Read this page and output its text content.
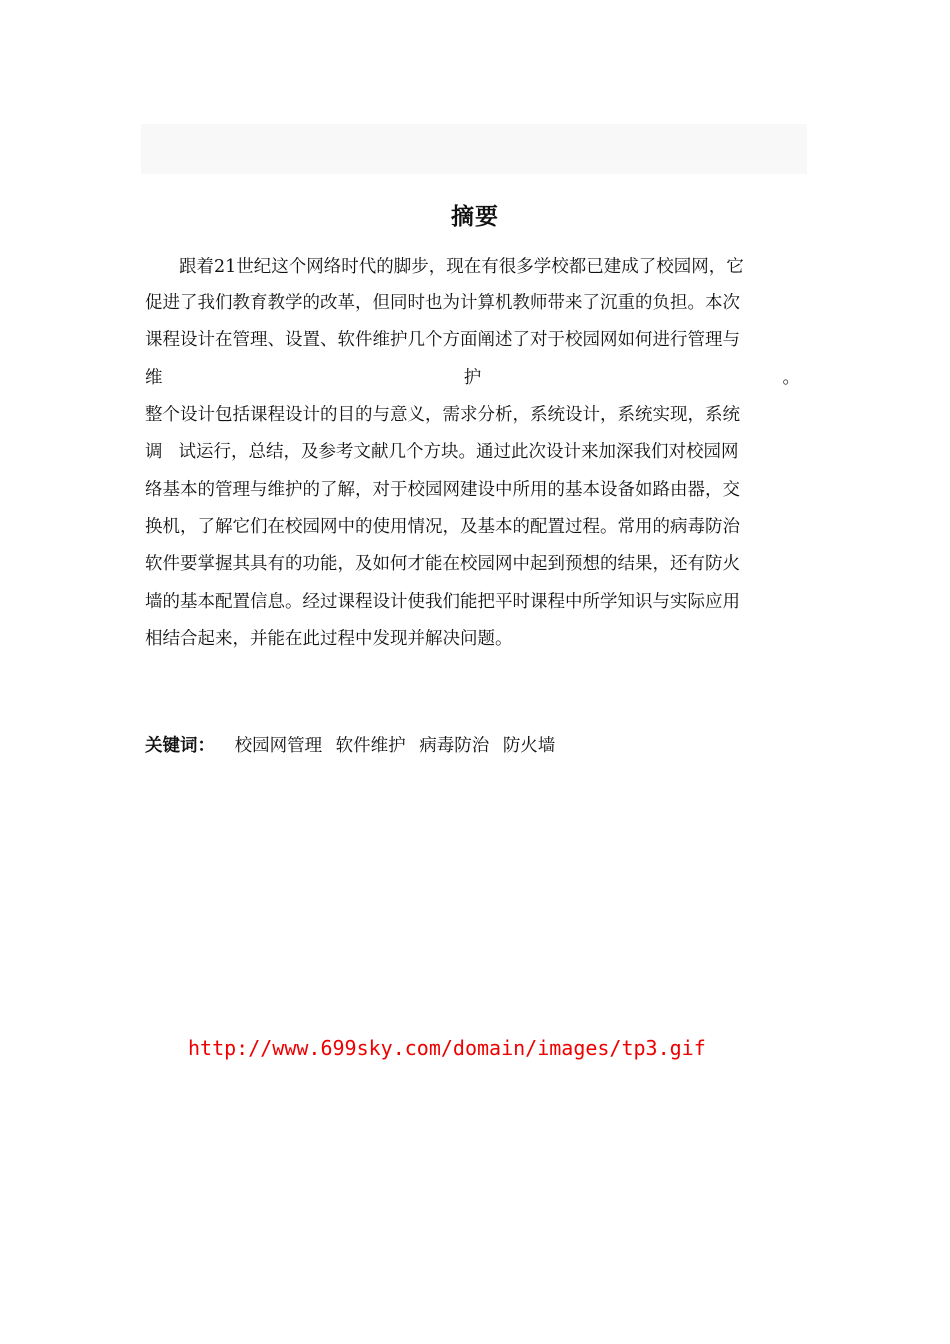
摘要
跟着21世纪这个网络时代的脚步，现在有很多学校都已建成了校园网，它
促进了我们教育教学的改革，但同时也为计算机教师带来了沉重的负担。本次
课程设计在管理、设置、软件维护几个方面阐述了对于校园网如何进行管理与
维	护	。
整个设计包括课程设计的目的与意义，需求分析，系统设计，系统实现，系统
调 试运行，总结，及参考文献几个方块。通过此次设计来加深我们对校园网
络基本的管理与维护的了解，对于校园网建设中所用的基本设备如路由器，交
换机，了解它们在校园网中的使用情况，及基本的配置过程。常用的病毒防治
软件要掌握其具有的功能，及如何才能在校园网中起到预想的结果，还有防火
墙的基本配置信息。经过课程设计使我们能把平时课程中所学知识与实际应用
相结合起来，并能在此过程中发现并解决问题。
关键词： 校园网管理 软件维护 病毒防治 防火墙
http://www.699sky.com/domain/images/tp3.gif
